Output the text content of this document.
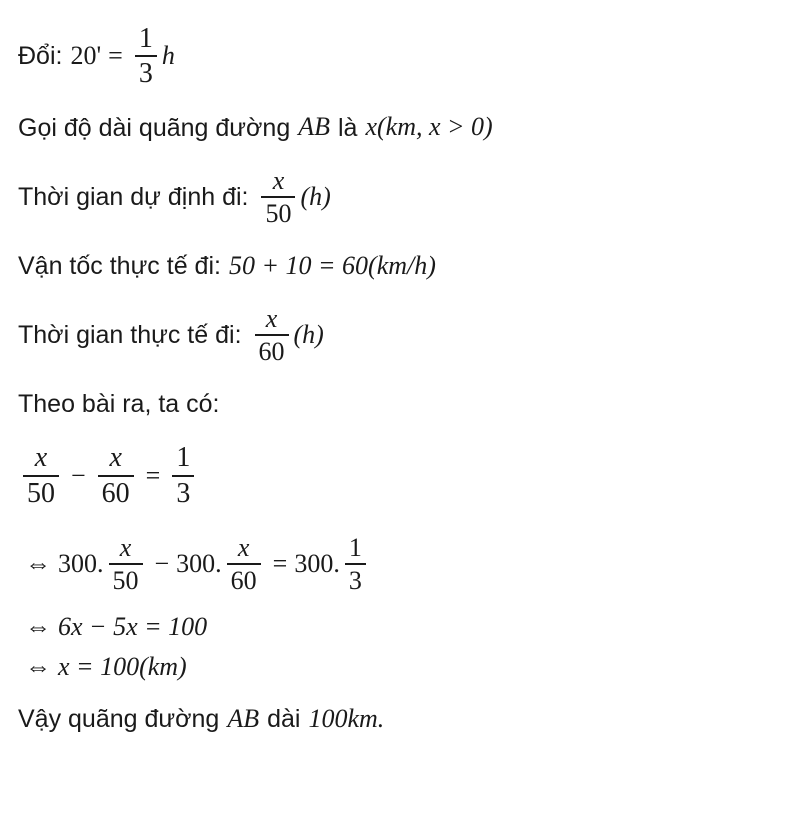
Đổi: $20' = \frac{1}{3}$ h
Gọi độ dài quãng đường AB là x(km, x > 0)
Thời gian dự định đi: $\frac{x}{50} (h)$
Vận tốc thực tế đi: 50 + 10 = 60(km/h)
Thời gian thực tế đi: $\frac{x}{60} (h)$
Theo bài ra, ta có:
$\frac{x}{50} - \frac{x}{60} = \frac{1}{3}$
⇔ 300. $\frac{x}{50} - 300$. $\frac{x}{60} = 300$. $\frac{1}{3}$
⇔ 6x − 5x = 100
⇔ x = 100(km)
Vậy quãng đường AB dài 100km.
